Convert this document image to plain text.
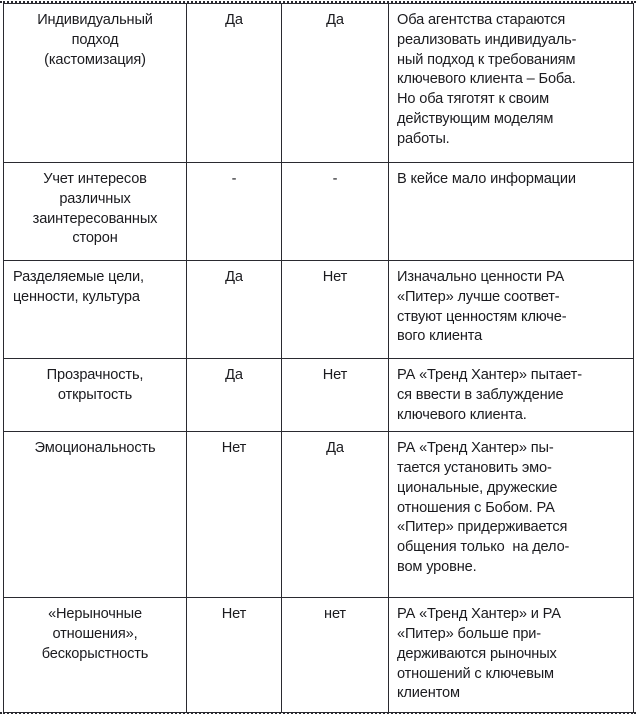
Индивидуальный
подход
(кастомизация)
	Да	Да	Оба агентства стараются
реализовать индивидуаль-
ный подход к требованиям
ключевого клиента – Боба.
Но оба тяготят к своим
действующим моделям
работы.

Учет интересов
различных
заинтересованных
сторон	-	-	В кейсе мало информации

Разделяемые цели,
ценности, культура	Да	Нет	Изначально ценности РА
«Питер» лучше соответ-
ствуют ценностям ключе-
вого клиента

Прозрачность,
открытость	Да	Нет	РА «Тренд Хантер» пытает-
ся ввести в заблуждение
ключевого клиента.

Эмоциональность	Нет	Да	РА «Тренд Хантер» пы-
тается установить эмо-
циональные, дружеские
отношения с Бобом. РА
«Питер» придерживается
общения только  на дело-
вом уровне.

«Нерыночные
отношения»,
бескорыстность	Нет	нет	РА «Тренд Хантер» и РА
«Питер» больше при-
держиваются рыночных
отношений с ключевым
клиентом
